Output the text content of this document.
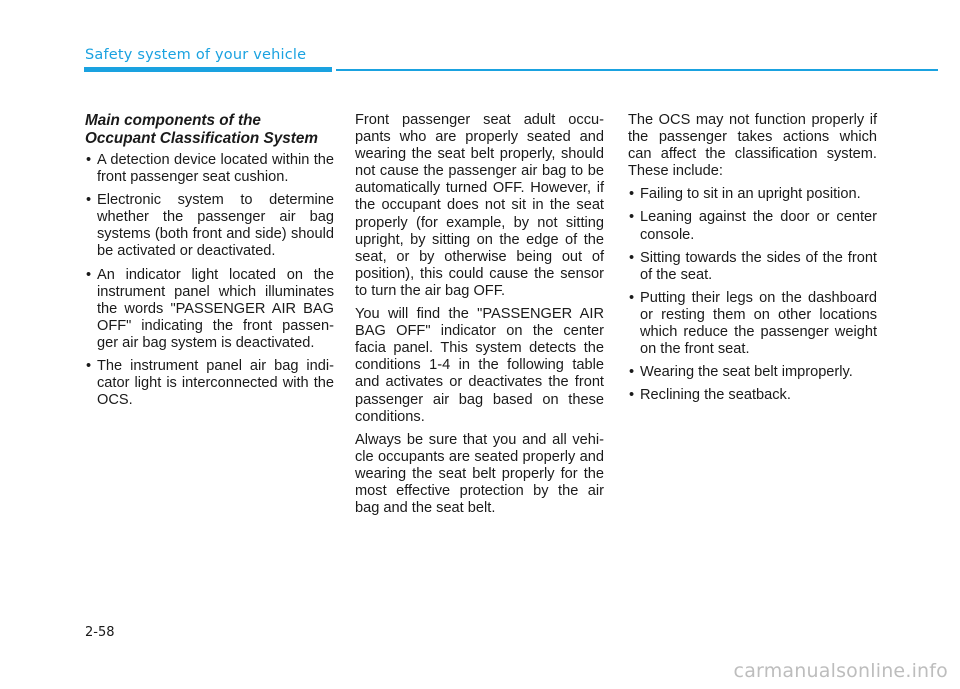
Safety system of your vehicle
Main components of the
Occupant Classification System
• A detection device located within the front passenger seat cushion.
• Electronic system to determine whether the passenger air bag systems (both front and side) should be activated or deactivated.
• An indicator light located on the instrument panel which illuminates the words "PASSENGER AIR BAG OFF" indicating the front passen- ger air bag system is deactivated.
• The instrument panel air bag indi- cator light is interconnected with the OCS.

Front passenger seat adult occu- pants who are properly seated and wearing the seat belt properly, should not cause the passenger air bag to be automatically turned OFF. However, if the occupant does not sit in the seat properly (for example, by not sitting upright, by sitting on the edge of the seat, or by otherwise being out of position), this could cause the sensor to turn the air bag OFF.

You will find the "PASSENGER AIR BAG OFF" indicator on the center facia panel. This system detects the conditions 1-4 in the following table and activates or deactivates the front passenger air bag based on these conditions.

Always be sure that you and all vehi- cle occupants are seated properly and wearing the seat belt properly for the most effective protection by the air bag and the seat belt.

The OCS may not function properly if the passenger takes actions which can affect the classification system. These include:

• Failing to sit in an upright position.
• Leaning against the door or center console.
• Sitting towards the sides of the front of the seat.
• Putting their legs on the dashboard or resting them on other locations which reduce the passenger weight on the front seat.
• Wearing the seat belt improperly.
• Reclining the seatback.
2-58
carmanualsonline.info
